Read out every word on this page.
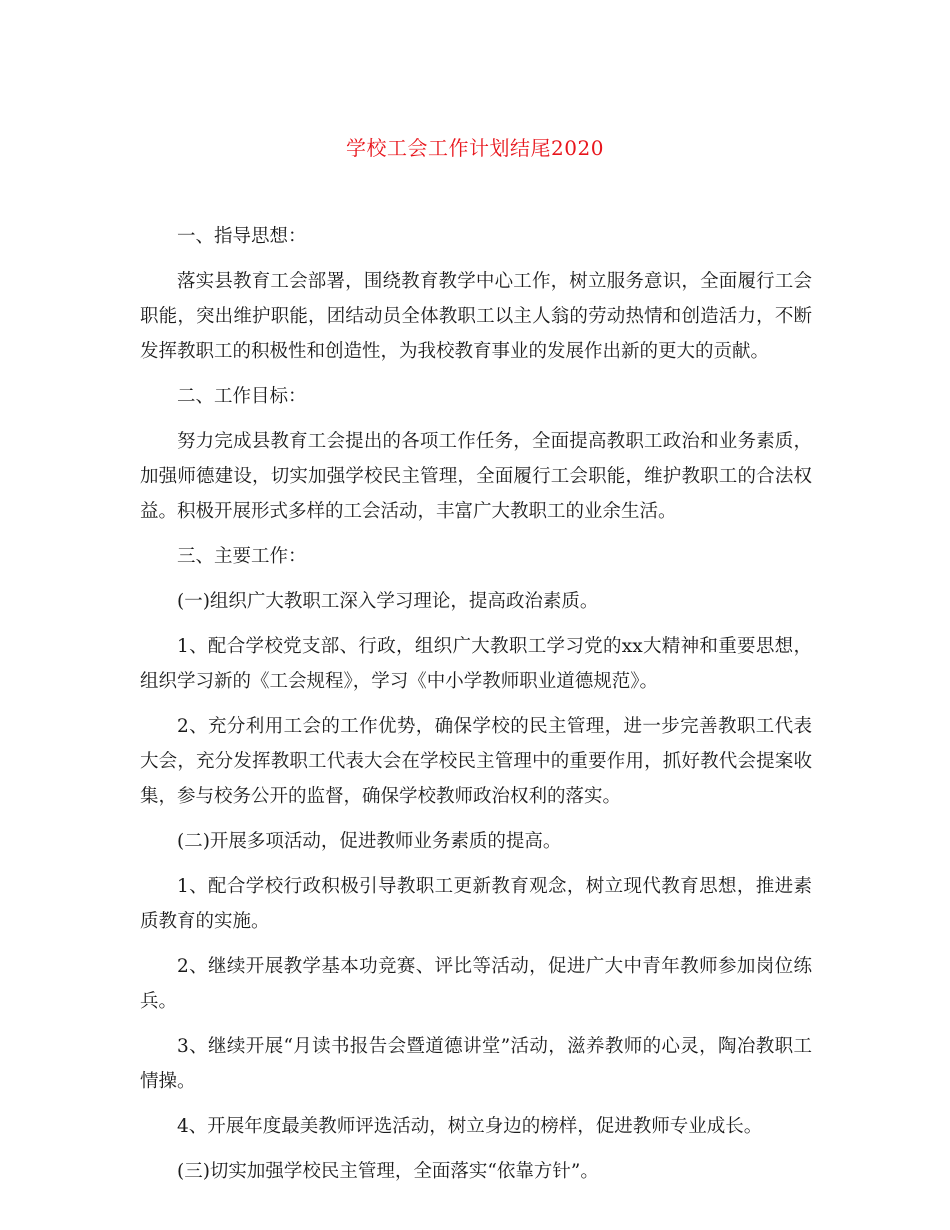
学校工会工作计划结尾2020

一、指导思想：

落实县教育工会部署，围绕教育教学中心工作，树立服务意识，全面履行工会职能，突出维护职能，团结动员全体教职工以主人翁的劳动热情和创造活力，不断发挥教职工的积极性和创造性，为我校教育事业的发展作出新的更大的贡献。

二、工作目标：

努力完成县教育工会提出的各项工作任务，全面提高教职工政治和业务素质，加强师德建设，切实加强学校民主管理，全面履行工会职能，维护教职工的合法权益。积极开展形式多样的工会活动，丰富广大教职工的业余生活。

三、主要工作：

(一)组织广大教职工深入学习理论，提高政治素质。

1、配合学校党支部、行政，组织广大教职工学习党的xx大精神和重要思想，组织学习新的《工会规程》，学习《中小学教师职业道德规范》。

2、充分利用工会的工作优势，确保学校的民主管理，进一步完善教职工代表大会，充分发挥教职工代表大会在学校民主管理中的重要作用，抓好教代会提案收集，参与校务公开的监督，确保学校教师政治权利的落实。

(二)开展多项活动，促进教师业务素质的提高。

1、配合学校行政积极引导教职工更新教育观念，树立现代教育思想，推进素质教育的实施。

2、继续开展教学基本功竞赛、评比等活动，促进广大中青年教师参加岗位练兵。

3、继续开展“月读书报告会暨道德讲堂”活动，滋养教师的心灵，陶冶教职工情操。

4、开展年度最美教师评选活动，树立身边的榜样，促进教师专业成长。

(三)切实加强学校民主管理，全面落实“依靠方针”。
